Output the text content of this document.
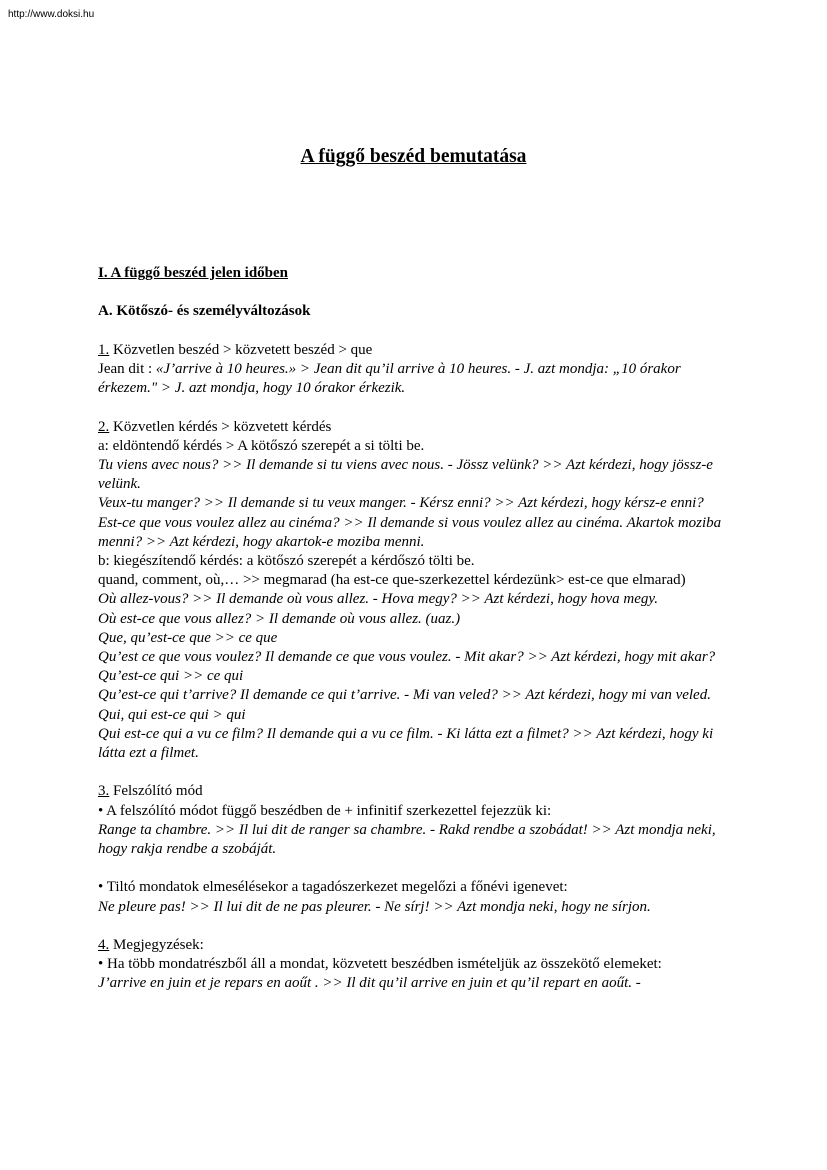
http://www.doksi.hu
A függő beszéd bemutatása

I. A függő beszéd jelen időben

A. Kötőszó- és személyváltozások

1. Közvetlen beszéd > közvetett beszéd > que

Jean dit : «J’arrive à 10 heures.» > Jean dit qu’il arrive à 10 heures. - J. azt mondja: „10 órakor érkezem." > J. azt mondja, hogy 10 órakor érkezik.

2. Közvetlen kérdés > közvetett kérdés

a: eldöntendő kérdés > A kötőszó szerepét a si tölti be.

Tu viens avec nous? >> Il demande si tu viens avec nous. - Jössz velünk? >> Azt kérdezi, hogy jössz-e velünk.

Veux-tu manger? >> Il demande si tu veux manger. - Kérsz enni? >> Azt kérdezi, hogy kérsz-e enni?

Est-ce que vous voulez allez au cinéma? >> Il demande si vous voulez allez au cinéma. Akartok moziba menni? >> Azt kérdezi, hogy akartok-e moziba menni.

b: kiegészítendő kérdés: a kötőszó szerepét a kérdőszó tölti be.

quand, comment, où,… >> megmarad (ha est-ce que-szerkezettel kérdezünk> est-ce que elmarad)

Où allez-vous? >> Il demande où vous allez. - Hova megy? >> Azt kérdezi, hogy hova megy.

Où est-ce que vous allez? > Il demande où vous allez. (uaz.)

Que, qu’est-ce que >> ce que

Qu’est ce que vous voulez? Il demande ce que vous voulez. - Mit akar? >> Azt kérdezi, hogy mit akar?

Qu’est-ce qui >> ce qui

Qu’est-ce qui t’arrive? Il demande ce qui t’arrive. - Mi van veled? >> Azt kérdezi, hogy mi van veled.

Qui, qui est-ce qui > qui

Qui est-ce qui a vu ce film? Il demande qui a vu ce film. - Ki látta ezt a filmet? >> Azt kérdezi, hogy ki látta ezt a filmet.

3. Felszólító mód

• A felszólító módot függő beszédben de + infinitif szerkezettel fejezzük ki:

Range ta chambre. >> Il lui dit de ranger sa chambre. - Rakd rendbe a szobádat! >> Azt mondja neki, hogy rakja rendbe a szobáját.

• Tiltó mondatok elmesélésekor a tagadószerkezet megelőzi a főnévi igenevet:

Ne pleure pas! >> Il lui dit de ne pas pleurer. - Ne sírj! >> Azt mondja neki, hogy ne sírjon.

4. Megjegyzések:

• Ha több mondatrészből áll a mondat, közvetett beszédben ismételjük az összekötő elemeket:

J’arrive en juin et je repars en aoűt . >> Il dit qu’il arrive en juin et qu’il repart en aoűt. -
